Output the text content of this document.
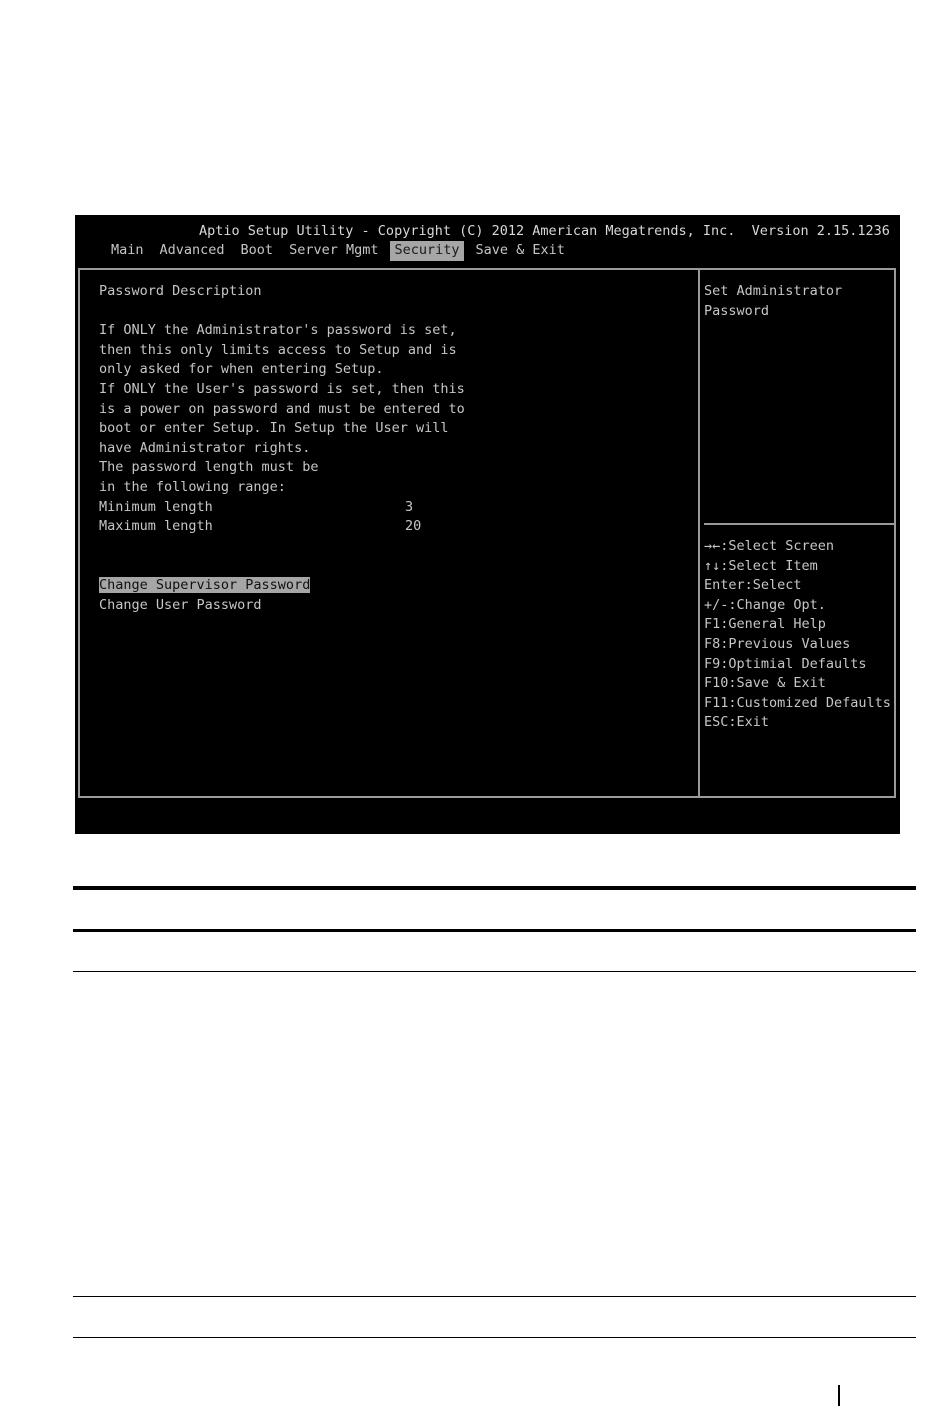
Aptio Setup Utility - Copyright (C) 2012 American Megatrends, Inc.  Version 2.15.1236
Main Advanced Boot Server Mgmt Security Save & Exit
Password Description
If ONLY the Administrator's password is set,
then this only limits access to Setup and is
only asked for when entering Setup.
If ONLY the User's password is set, then this
is a power on password and must be entered to
boot or enter Setup. In Setup the User will
have Administrator rights.
The password length must be
in the following range:
Minimum length	3
Maximum length	20
Change Supervisor Password
Change User Password
Set Administrator
Password
→←:Select Screen
↑↓:Select Item
Enter:Select
+/-:Change Opt.
F1:General Help
F8:Previous Values
F9:Optimial Defaults
F10:Save & Exit
F11:Customized Defaults
ESC:Exit
